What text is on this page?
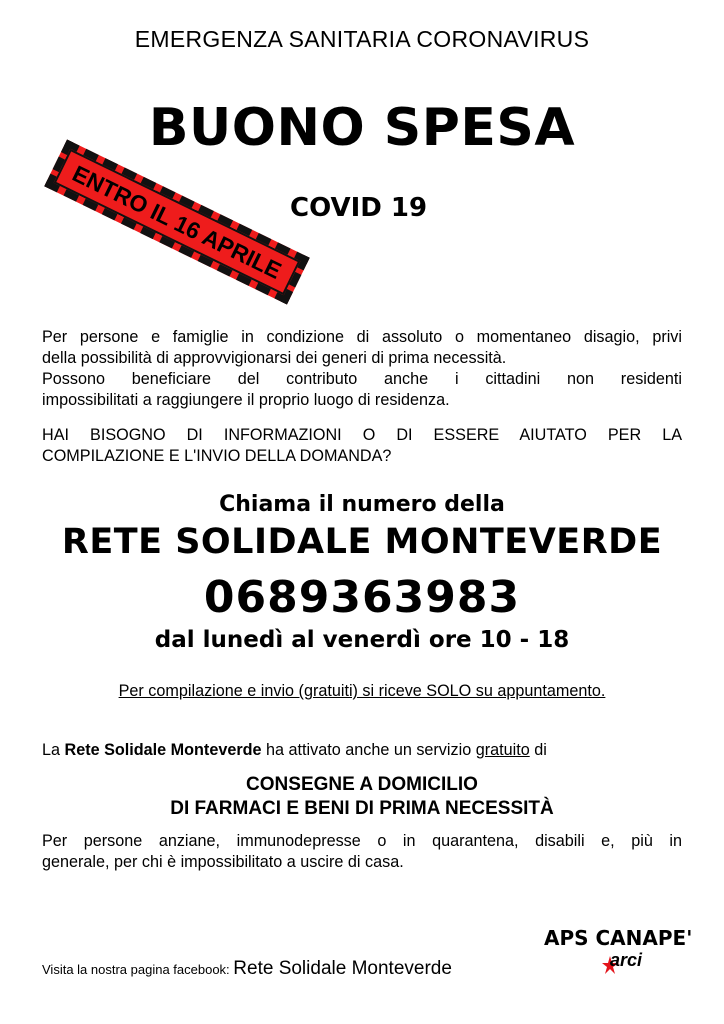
EMERGENZA SANITARIA CORONAVIRUS
BUONO SPESA
COVID 19
ENTRO IL 16 APRILE
Per persone e famiglie in condizione di assoluto o momentaneo disagio, privi
della possibilità di approvvigionarsi dei generi di prima necessità.
Possono beneficiare del contributo anche i cittadini non residenti
impossibilitati a raggiungere il proprio luogo di residenza.
HAI BISOGNO DI INFORMAZIONI O DI ESSERE AIUTATO PER LA
COMPILAZIONE E L'INVIO DELLA DOMANDA?
Chiama il numero della
RETE SOLIDALE MONTEVERDE
0689363983
dal lunedì al venerdì ore 10 - 18
Per compilazione e invio (gratuiti) si riceve SOLO su appuntamento.
La Rete Solidale Monteverde ha attivato anche un servizio gratuito di
CONSEGNE A DOMICILIO
DI FARMACI E BENI DI PRIMA NECESSITÀ
Per persone anziane, immunodepresse o in quarantena, disabili e, più in
generale, per chi è impossibilitato a uscire di casa.
Visita la nostra pagina facebook: Rete Solidale Monteverde
APS CANAPE'
arci
